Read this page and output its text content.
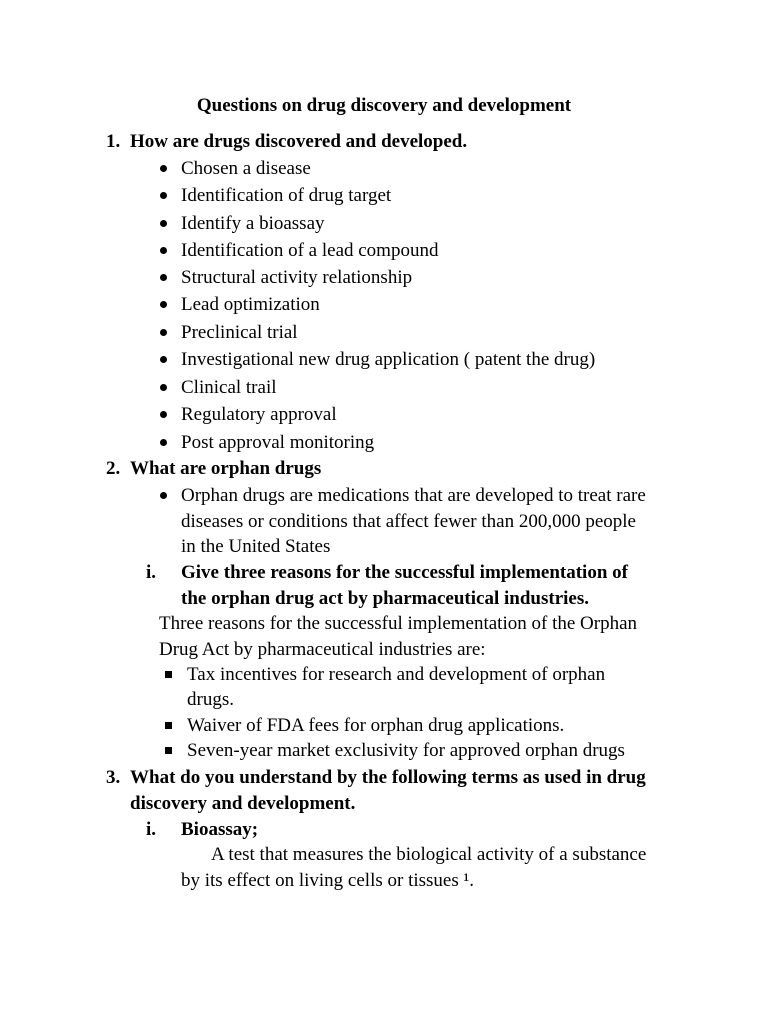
Questions on drug discovery and development
1. How are drugs discovered and developed.
Chosen a disease
Identification of drug target
Identify a bioassay
Identification of a lead compound
Structural activity relationship
Lead optimization
Preclinical trial
Investigational new drug application ( patent the drug)
Clinical trail
Regulatory approval
Post approval monitoring
2. What are orphan drugs
Orphan drugs are medications that are developed to treat rare
diseases or conditions that affect fewer than 200,000 people
in the United States
i. Give three reasons for the successful implementation of
the orphan drug act by pharmaceutical industries.
Three reasons for the successful implementation of the Orphan
Drug Act by pharmaceutical industries are:
Tax incentives for research and development of orphan
drugs.
Waiver of FDA fees for orphan drug applications.
Seven-year market exclusivity for approved orphan drugs
3. What do you understand by the following terms as used in drug
discovery and development.
i. Bioassay;
A test that measures the biological activity of a substance
by its effect on living cells or tissues ¹.
